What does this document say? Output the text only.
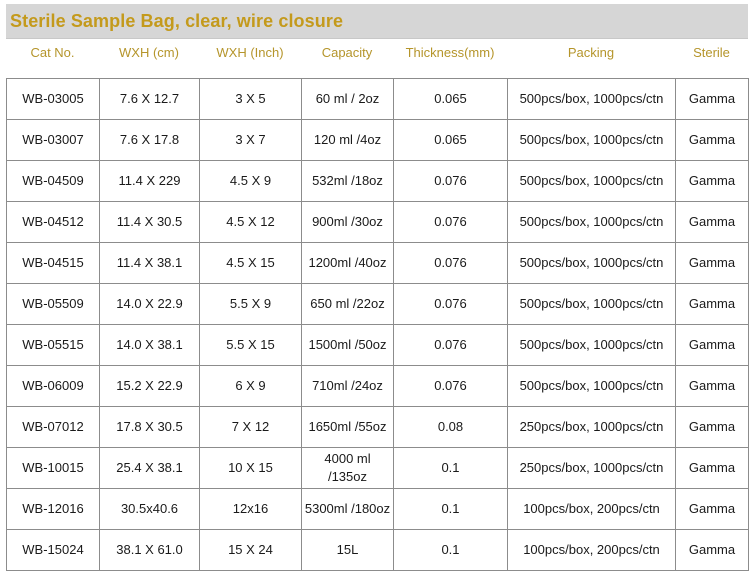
Sterile Sample Bag, clear, wire closure
Cat No.	WXH (cm)	WXH (Inch)	Capacity	Thickness(mm)	Packing	Sterile
WB-03005	7.6 X 12.7	3 X 5	60 ml / 2oz	0.065	500pcs/box, 1000pcs/ctn	Gamma
WB-03007	7.6 X 17.8	3 X 7	120 ml /4oz	0.065	500pcs/box, 1000pcs/ctn	Gamma
WB-04509	11.4 X 229	4.5 X 9	532ml /18oz	0.076	500pcs/box, 1000pcs/ctn	Gamma
WB-04512	11.4 X 30.5	4.5 X 12	900ml /30oz	0.076	500pcs/box, 1000pcs/ctn	Gamma
WB-04515	11.4 X 38.1	4.5 X 15	1200ml /40oz	0.076	500pcs/box, 1000pcs/ctn	Gamma
WB-05509	14.0 X 22.9	5.5 X 9	650 ml /22oz	0.076	500pcs/box, 1000pcs/ctn	Gamma
WB-05515	14.0 X 38.1	5.5 X 15	1500ml /50oz	0.076	500pcs/box, 1000pcs/ctn	Gamma
WB-06009	15.2 X 22.9	6 X 9	710ml /24oz	0.076	500pcs/box, 1000pcs/ctn	Gamma
WB-07012	17.8 X 30.5	7 X 12	1650ml /55oz	0.08	250pcs/box, 1000pcs/ctn	Gamma
WB-10015	25.4 X 38.1	10 X 15	4000 ml /135oz	0.1	250pcs/box, 1000pcs/ctn	Gamma
WB-12016	30.5x40.6	12x16	5300ml /180oz	0.1	100pcs/box, 200pcs/ctn	Gamma
WB-15024	38.1 X 61.0	15 X 24	15L	0.1	100pcs/box, 200pcs/ctn	Gamma
